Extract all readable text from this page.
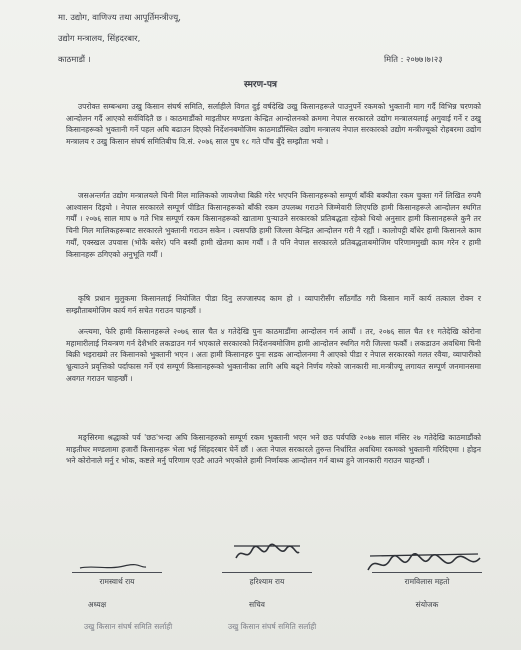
मा. उद्योग, वाणिज्य तथा आपूर्तिमन्त्रीज्यू,
उद्योग मन्त्रालय, सिंहदरबार,
काठमाडौं ।	मिति : २०७७।७।२३
स्मरण-पत्र
उपरोक्त सम्बन्धमा उखु किसान संघर्ष समिति, सर्लाहीले विगत दुई वर्षदेखि उखु किसानहरूले पाउनुपर्ने रकमको भुक्तानी माग गर्दै विभिन्न चरणको आन्दोलन गर्दै आएको सर्वविदितै छ । काठमाडौंको माइतीघर मण्डला केन्द्रित आन्दोलनको क्रममा नेपाल सरकारले उद्योग मन्त्रालयलाई अगुवाई गर्ने र उखु किसानहरूको भुक्तानी गर्ने पहल अघि बढाउन दिएको निर्देशनबमोजिम काठमाडौंस्थित उद्योग मन्त्रालय नेपाल सरकारको उद्योग मन्त्रीज्यूको रोहबरमा उद्योग मन्त्रालय र उखु किसान संघर्ष समितिबीच वि.सं. २०७६ साल पुष १८ गते पाँच बुँदे सम्झौता भयो ।
जसअन्तर्गत उद्योग मन्त्रालयले चिनी मिल मालिकको जायजेथा बिक्री गरेर भएपनि किसानहरूको सम्पूर्ण बाँकी बक्यौता रकम चुक्ता गर्ने लिखित रुपमै आश्वासन दिइयो । नेपाल सरकारले सम्पूर्ण पीडित किसानहरूको बाँकी रकम उपलब्ध गराउने जिम्मेवारी लिएपछि हामी किसानहरूले आन्दोलन स्थगित गर्यौं । २०७६ साल माघ ७ गते भित्र सम्पूर्ण रकम किसानहरूको खातामा पुऱ्याउने सरकारको प्रतिबद्धता रहेको थियो अनुसार हामी किसानहरूले कुनै तर चिनी मिल मालिकहरूबाट सरकारले भुक्तानी गराउन सकेन । त्यसपछि हामी जिल्ला केन्द्रित आन्दोलन गरी नै रह्यौं । कालोपट्टी बाँधेर हामी किसानले काम गर्यौं, एक्स्खल उपवास (भोकै बसेर) पनि बस्यौं हामी खेतमा काम गर्यौं । तै पनि नेपाल सरकारले प्रतिबद्धताबमोजिम परिणाममुखी काम गरेन र हामी किसानहरू ठगिएको अनुभूति गर्यौं ।
कृषि प्रधान मुलुकमा किसानलाई नियोजित पीडा दिनु लज्जास्पद काम हो । व्यापारीसँग साँठगाँठ गरी किसान मार्ने कार्य तत्काल रोक्न र सम्झौताबमोजिम कार्य गर्न सचेत गराउन चाहन्छौं ।
अन्त्यमा, फेरि हामी किसानहरूले २०७६ साल चैत ४ गतेदेखि पुनः काठमाडौंमा आन्दोलन गर्न आयौं । तर, २०७६ साल चैत ११ गतेदेखि कोरोना महामारीलाई नियन्त्रण गर्न देशैभरि लकडाउन गर्न भएकाले सरकारको निर्देशनबमोजिम हामी आन्दोलन स्थगित गरी जिल्ला फर्कौं । लकडाउन अवधिमा चिनी बिक्री भइराख्यो तर किसानको भुक्तानी भएन । अतः हामी किसानहरु पुनः सडक आन्दोलनमा नै आएको पीडा र नेपाल सरकारको गलत रवैया, व्यापारीको भ्रुत्याउने प्रवृत्तिको पर्दाफास गर्ने एवं सम्पूर्ण किसानहरूको भुक्तानीका लागि अघि बढ्ने निर्णय गरेको जानकारी मा.मन्त्रीज्यू लगायत सम्पूर्ण जनमानसमा अवगत गराउन चाहन्छौं ।
मङ्सिरमा श्रद्धाको पर्व 'छठ'भन्दा अघि किसानहरुको सम्पूर्ण रकम भुक्तानी भएन भने छठ पर्वपछि २०७७ साल मंसिर २७ गतेदेखि काठमाडौंको माइतीघर मण्डलामा हजारौं किसानहरू भेला भई सिंहदरबार घेर्ने छौं । अतः नेपाल सरकारले तुरुन्त निर्धारित अवधिमा रकमको भुक्तानी गरिदिएमा । होइन भने कोरोनाले मर्नु र भोक, कष्टले मर्नु परिणाम एउटै आउने भएकोले हामी निर्णायक आन्दोलन गर्न बाध्य हुने जानकारी गराउन चाहन्छौं ।
रामस्वार्थ राय	हरिश्याम राय	रामविलास महतो
अध्यक्ष	सचिव	संयोजक
उखु किसान संघर्ष समिति सर्लाही	उखु किसान संघर्ष समिति सर्लाही
